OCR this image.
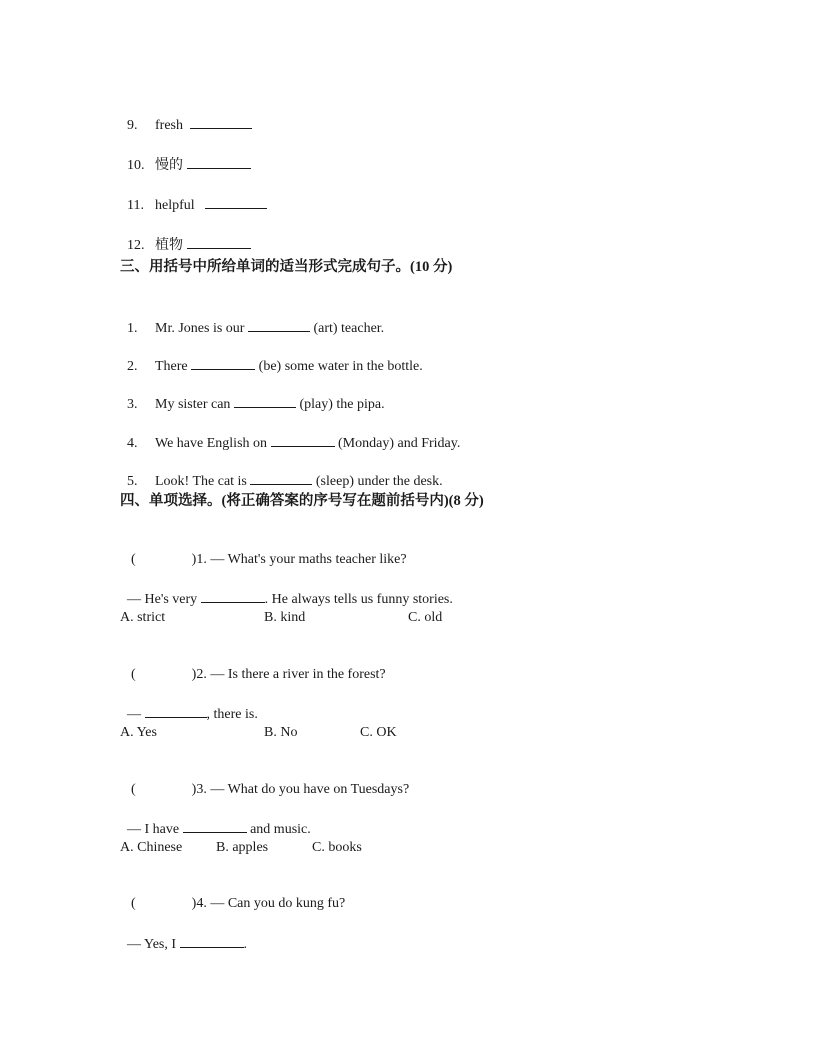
9. fresh

10. 慢的

11. helpful

12. 植物

三、用括号中所给单词的适当形式完成句子。(10 分)

1. Mr. Jones is our	(art) teacher.

2. There	(be) some water in the bottle.

3. My sister can	(play) the pipa.

4. We have English on	(Monday) and Friday.

5. Look! The cat is	(sleep) under the desk.

四、单项选择。(将正确答案的序号写在题前括号内)(8 分)

(	)1. — What's your maths teacher like?

— He's very	. He always tells us funny stories.

A. strict	B. kind	C. old

(	)2. — Is there a river in the forest?

—	, there is.

A. Yes	B. No	C. OK

(	)3. — What do you have on Tuesdays?

— I have	and music.

A. Chinese B. apples	C. books

(	)4. — Can you do kung fu?

— Yes, I	.
